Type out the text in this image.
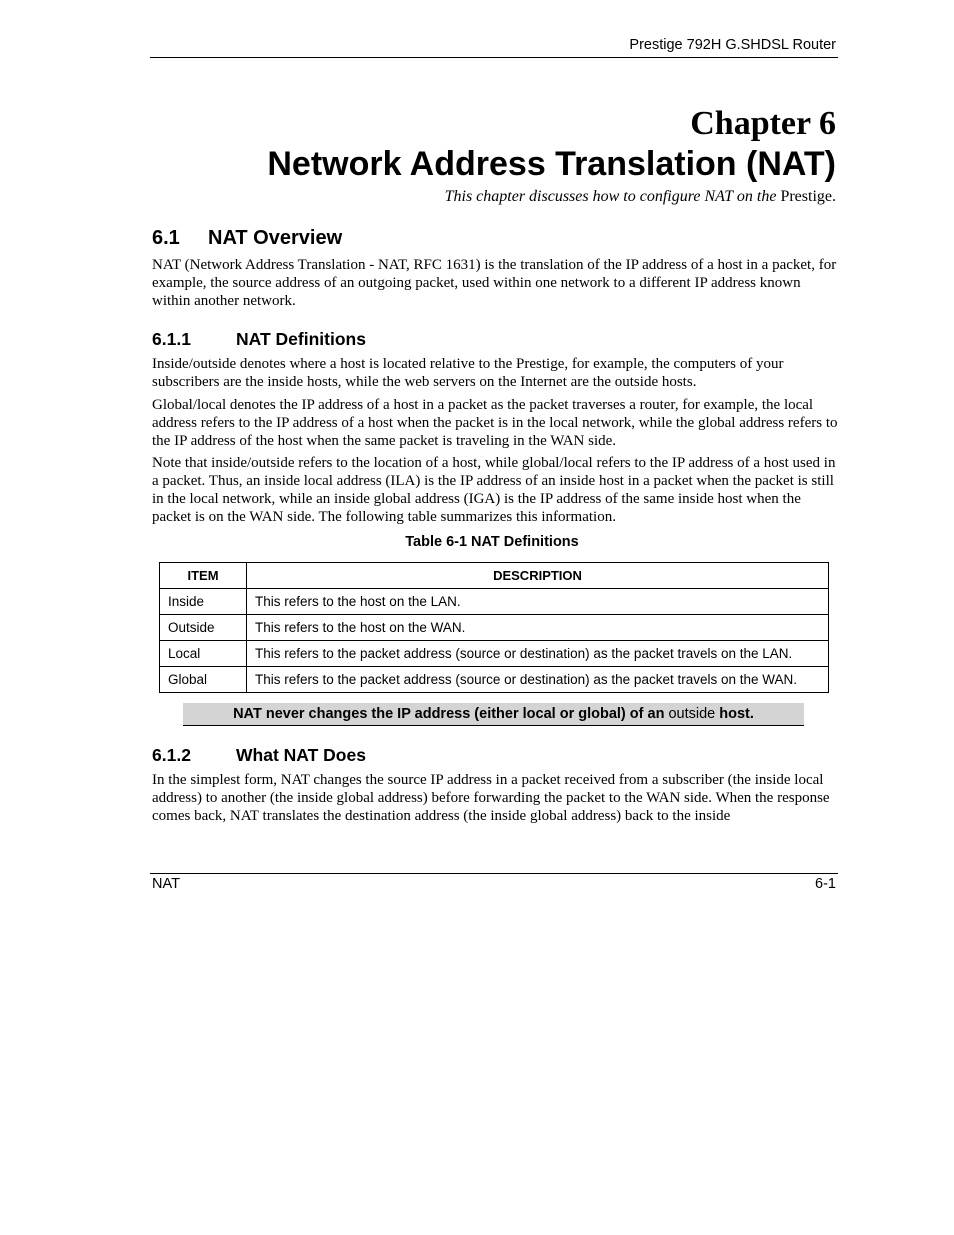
Prestige 792H G.SHDSL Router
Chapter 6
Network Address Translation (NAT)
This chapter discusses how to configure NAT on the Prestige.
6.1 NAT Overview

NAT (Network Address Translation - NAT, RFC 1631) is the translation of the IP address of a host in a packet, for example, the source address of an outgoing packet, used within one network to a different IP address known within another network.

6.1.1	NAT Definitions

Inside/outside denotes where a host is located relative to the Prestige, for example, the computers of your subscribers are the inside hosts, while the web servers on the Internet are the outside hosts.

Global/local denotes the IP address of a host in a packet as the packet traverses a router, for example, the local address refers to the IP address of a host when the packet is in the local network, while the global address refers to the IP address of the host when the same packet is traveling in the WAN side.

Note that inside/outside refers to the location of a host, while global/local refers to the IP address of a host used in a packet. Thus, an inside local address (ILA) is the IP address of an inside host in a packet when the packet is still in the local network, while an inside global address (IGA) is the IP address of the same inside host when the packet is on the WAN side. The following table summarizes this information.

Table 6-1 NAT Definitions
ITEM	DESCRIPTION
Inside	This refers to the host on the LAN.
Outside	This refers to the host on the WAN.
Local	This refers to the packet address (source or destination) as the packet travels on the LAN.
Global	This refers to the packet address (source or destination) as the packet travels on the WAN.
NAT never changes the IP address (either local or global) of an outside host.
6.1.2	What NAT Does

In the simplest form, NAT changes the source IP address in a packet received from a subscriber (the inside local address) to another (the inside global address) before forwarding the packet to the WAN side. When the response comes back, NAT translates the destination address (the inside global address) back to the inside

NAT	6-1
